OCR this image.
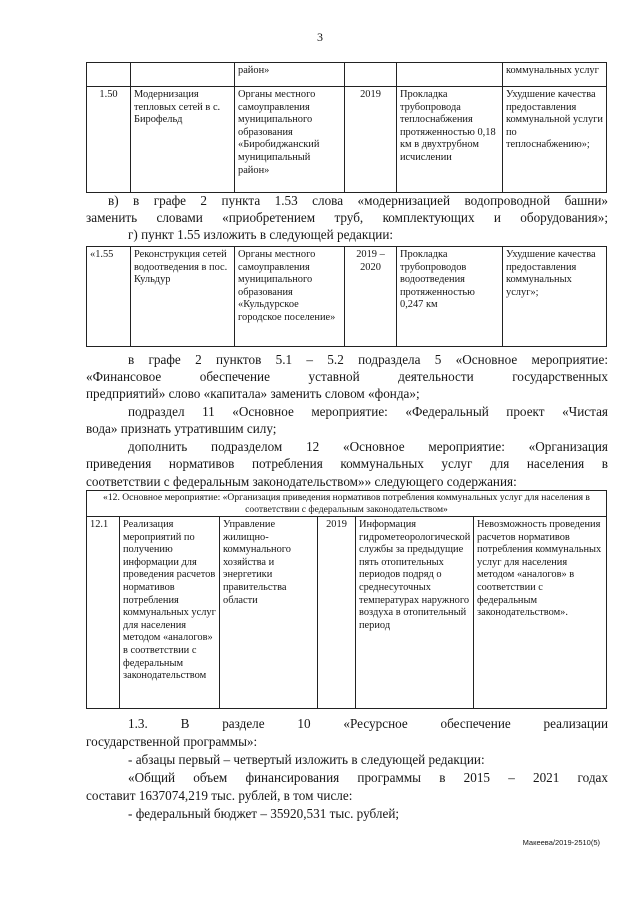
3
		район»			коммунальных услуг
1.50	Модернизация тепловых сетей в с. Бирофельд	Органы местного самоуправления муниципального образования «Биробиджанский муниципальный район»	2019	Прокладка трубопровода теплоснабжения протяженностью 0,18 км в двухтрубном исчислении	Ухудшение качества предоставления коммунальной услуги по теплоснабжению»;
в) в графе 2 пункта 1.53 слова «модернизацией водопроводной башни»
заменить словами «приобретением труб, комплектующих и оборудования»;
г) пункт 1.55 изложить в следующей редакции:
«1.55	Реконструкция сетей водоотведения в пос. Кульдур	Органы местного самоуправления муниципального образования «Кульдурское городское поселение»	2019 – 2020	Прокладка трубопроводов водоотведения протяженностью 0,247 км	Ухудшение качества предоставления коммунальных услуг»;
в графе 2 пунктов 5.1 – 5.2 подраздела 5 «Основное мероприятие:
«Финансовое обеспечение уставной деятельности государственных
предприятий» слово «капитала» заменить словом «фонда»;
подраздел 11 «Основное мероприятие: «Федеральный проект «Чистая
вода» признать утратившим силу;
дополнить подразделом 12 «Основное мероприятие: «Организация
приведения нормативов потребления коммунальных услуг для населения в
соответствии с федеральным законодательством»» следующего содержания:
«12. Основное мероприятие: «Организация приведения нормативов потребления коммунальных услуг для населения в соответствии с федеральным законодательством»
12.1	Реализация мероприятий по получению информации для проведения расчетов нормативов потребления коммунальных услуг для населения методом «аналогов» в соответствии с федеральным законодательством	Управление жилищно-коммунального хозяйства и энергетики правительства области	2019	Информация гидрометеорологической службы за предыдущие пять отопительных периодов подряд о среднесуточных температурах наружного воздуха в отопительный период	Невозможность проведения расчетов нормативов потребления коммунальных услуг для населения методом «аналогов» в соответствии с федеральным законодательством».
1.3. В разделе 10 «Ресурсное обеспечение реализации
государственной программы»:
- абзацы первый – четвертый изложить в следующей редакции:
«Общий объем финансирования программы в 2015 – 2021 годах
составит 1637074,219 тыс. рублей, в том числе:
- федеральный бюджет – 35920,531 тыс. рублей;
Макеева/2019-2510(5)
